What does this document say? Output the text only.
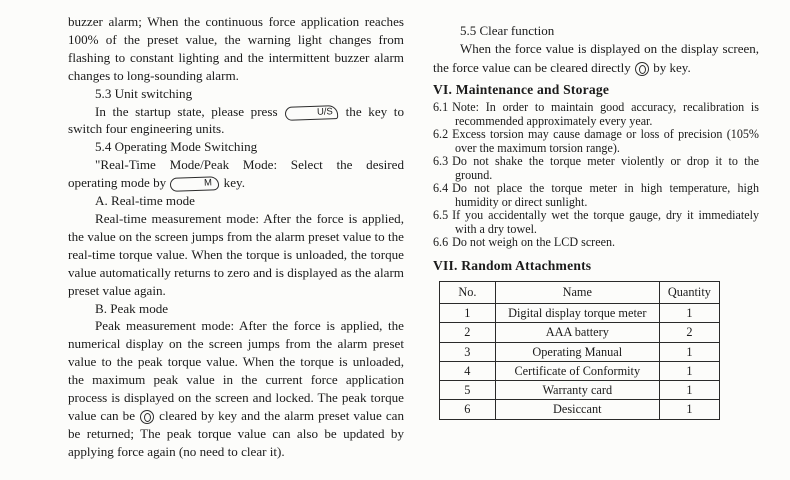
buzzer alarm; When the continuous force application reaches 100% of the preset value, the warning light changes from flashing to constant lighting and the intermittent buzzer alarm changes to long-sounding alarm.

5.3 Unit switching

In the startup state, please press	U/S the key to switch four engineering units.

5.4 Operating Mode Switching

"Real-Time Mode/Peak Mode: Select the desired operating mode by	M key.

A. Real-time mode

Real-time measurement mode: After the force is applied, the value on the screen jumps from the alarm preset value to the real-time torque value. When the torque is unloaded, the torque value automatically returns to zero and is displayed as the alarm preset value again.

B. Peak mode

Peak measurement mode: After the force is applied, the numerical display on the screen jumps from the alarm preset value to the peak torque value. When the torque is unloaded, the maximum peak value in the current force application process is displayed on the screen and locked. The peak torque value can be
cleared by key and the alarm preset value can be returned; The peak torque value can also be updated by applying force again (no need to clear it).

5.5 Clear function

When the force value is displayed on the display screen, the force value can be cleared directly
by key.

VI. Maintenance and Storage

6.1 Note: In order to maintain good accuracy, recalibration is recommended approximately every year.

6.2 Excess torsion may cause damage or loss of precision (105% over the maximum torsion range).

6.3 Do not shake the torque meter violently or drop it to the ground.

6.4 Do not place the torque meter in high temperature, high humidity or direct sunlight.

6.5 If you accidentally wet the torque gauge, dry it immediately with a dry towel.

6.6 Do not weigh on the LCD screen.

VII. Random Attachments

No.	Name	Quantity
1	Digital display torque meter	1
2	AAA battery	2
3	Operating Manual	1
4	Certificate of Conformity	1
5	Warranty card	1
6	Desiccant	1
